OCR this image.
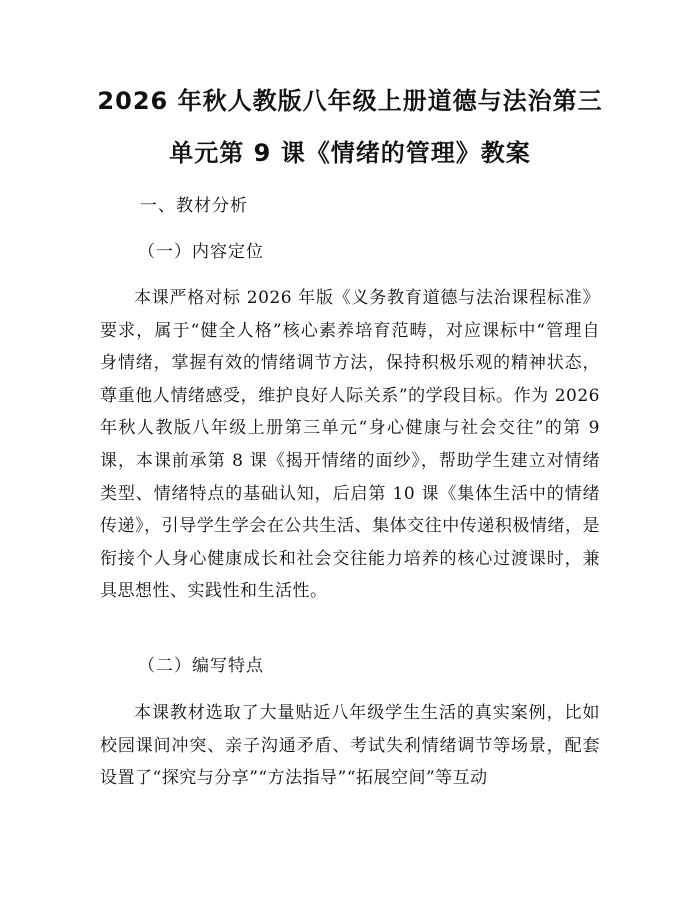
2026 年秋人教版八年级上册道德与法治第三
单元第 9 课《情绪的管理》教案
一、教材分析
（一）内容定位
本课严格对标 2026 年版《义务教育道德与法治课程标准》要求，属于“健全人格”核心素养培育范畴，对应课标中“管理自身情绪，掌握有效的情绪调节方法，保持积极乐观的精神状态，尊重他人情绪感受，维护良好人际关系”的学段目标。作为 2026 年秋人教版八年级上册第三单元“身心健康与社会交往”的第 9 课，本课前承第 8 课《揭开情绪的面纱》，帮助学生建立对情绪类型、情绪特点的基础认知，后启第 10 课《集体生活中的情绪传递》，引导学生学会在公共生活、集体交往中传递积极情绪，是衔接个人身心健康成长和社会交往能力培养的核心过渡课时，兼具思想性、实践性和生活性。
（二）编写特点
本课教材选取了大量贴近八年级学生生活的真实案例，比如校园课间冲突、亲子沟通矛盾、考试失利情绪调节等场景，配套设置了“探究与分享”“方法指导”“拓展空间”等互动
